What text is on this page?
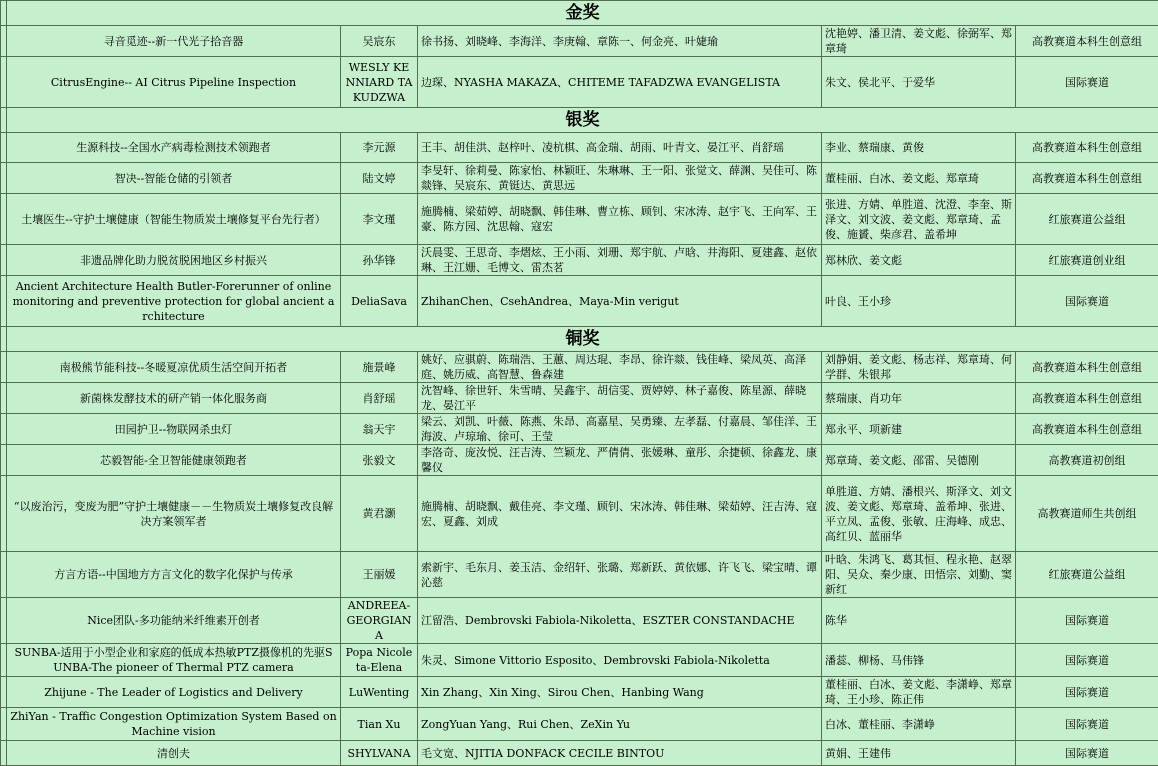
	金奖				
	寻音觅迹--新一代光子拾音器	吴宸东	徐书扬、刘晓峰、李海洋、李庚翰、章陈一、何金亮、叶婕瑜	沈艳婷、潘卫清、姜文彪、徐弼军、郑章琦	高教赛道本科生创意组
	CitrusEngine-- AI Citrus Pipeline Inspection	WESLY KENNIARD TAKUDZWA	边琛、NYASHA MAKAZA、CHITEME TAFADZWA EVANGELISTA	朱文、侯北平、于爱华	国际赛道
	银奖				
	生源科技--全国水产病毒检测技术领跑者	李元源	王丰、胡佳洪、赵梓叶、凌杭棋、高金瑞、胡雨、叶青文、晏江平、肖舒瑶	李业、蔡瑞康、黄俊	高教赛道本科生创意组
	智决--智能仓储的引领者	陆文婷	李旻轩、徐莉曼、陈家怡、林颖旺、朱琳琳、王一阳、张觉文、薛渊、吴佳可、陈燚锋、吴宸东、黄铤达、黄思远	董桂丽、白冰、姜文彪、郑章琦	高教赛道本科生创意组
	土壤医生--守护土壤健康（智能生物质炭土壤修复平台先行者）	李文瑾	施腾楠、梁茹婷、胡晓飘、韩佳琳、曹立栋、顾钊、宋冰涛、赵宇飞、王向军、王豪、陈方园、沈思翰、寇宏	张进、方婧、单胜道、沈澄、李奎、斯泽文、刘文波、姜文彪、郑章琦、孟俊、施贇、柴彦君、盖希坤	红旅赛道公益组
	非遗品牌化助力脱贫脱困地区乡村振兴	孙华锋	沃晨雯、王思奇、李熠炫、王小雨、刘珊、郑宇航、卢晗、井海阳、夏建鑫、赵依琳、王江姗、毛博文、雷杰茗	郑林欣、姜文彪	红旅赛道创业组
	Ancient Architecture Health Butler-Forerunner of online monitoring and preventive protection for global ancient architecture	DeliaSava	ZhihanChen、CsehAndrea、Maya-Min verigut	叶良、王小珍	国际赛道
	铜奖				
	南极熊节能科技--冬暖夏凉优质生活空间开拓者	施景峰	姚好、应骐蔚、陈瑞浩、王蕙、周达琨、李昂、徐许燚、钱佳峰、梁凤英、高泽庭、姚历威、高智慧、鲁森建	刘静娟、姜文彪、杨志祥、郑章琦、何学群、朱银邦	高教赛道本科生创意组
	新菌株发酵技术的研产销一体化服务商	肖舒瑶	沈智峰、徐世轩、朱雪晴、吴鑫宇、胡信雯、贾婷婷、林子嘉俊、陈星源、薛晓龙、晏江平	蔡瑞康、肖功年	高教赛道本科生创意组
	田园护卫--物联网杀虫灯	翁天宇	梁云、刘凯、叶薇、陈燕、朱昂、高嘉星、吴勇臻、左孝磊、付嘉晨、邹佳洋、王海波、卢琼瑜、徐可、王莹	郑永平、项新建	高教赛道本科生创意组
	芯毅智能-全卫智能健康领跑者	张毅文	李洛奇、庞汝悦、汪吉涛、竺颖龙、严倩倩、张媛琳、童彤、余捷顿、徐鑫龙、康馨仪	郑章琦、姜文彪、邵雷、吴德刚	高教赛道初创组
	“以废治污，变废为肥”守护土壤健康－－生物质炭土壤修复改良解决方案领军者	黄君灏	施腾楠、胡晓飘、戴佳亮、李文瑾、顾钊、宋冰涛、韩佳琳、梁茹婷、汪吉涛、寇宏、夏鑫、刘成	单胜道、方婧、潘根兴、斯泽文、刘文波、姜文彪、郑章琦、盖希坤、张进、平立凤、孟俊、张敏、庄海峰、成忠、高红贝、蓝丽华	高教赛道师生共创组
	方言方语--中国地方方言文化的数字化保护与传承	王丽媛	索新宇、毛东月、姜玉洁、金绍轩、张璐、郑新跃、黄依娜、许飞飞、梁宝晴、谭沁慈	叶晗、朱鸿飞、葛其恒、程永艳、赵翠阳、吴众、秦少康、田悟宗、刘勤、窦新红	红旅赛道公益组
	Nice团队-多功能纳米纤维素开创者	ANDREEA-GEORGIANA	江留浩、Dembrovski Fabiola-Nikoletta、ESZTER CONSTANDACHE	陈华	国际赛道
	SUNBA-适用于小型企业和家庭的低成本热敏PTZ摄像机的先驱SUNBA-The pioneer of Thermal PTZ camera	Popa Nicoleta-Elena	朱灵、Simone Vittorio Esposito、Dembrovski Fabiola-Nikoletta	潘蕊、柳杨、马伟锋	国际赛道
	Zhijune - The Leader of Logistics and Delivery	LuWenting	Xin Zhang、Xin Xing、Sirou Chen、Hanbing Wang	董桂丽、白冰、姜文彪、李潇峥、郑章琦、王小珍、陈正伟	国际赛道
	ZhiYan - Traffic Congestion Optimization System Based on Machine vision	Tian Xu	ZongYuan Yang、Rui Chen、ZeXin Yu	白冰、董桂丽、李潇峥	国际赛道
	清创夫	SHYLVANA	毛文宽、NJITIA DONFACK CECILE BINTOU	黄娟、王建伟	国际赛道
